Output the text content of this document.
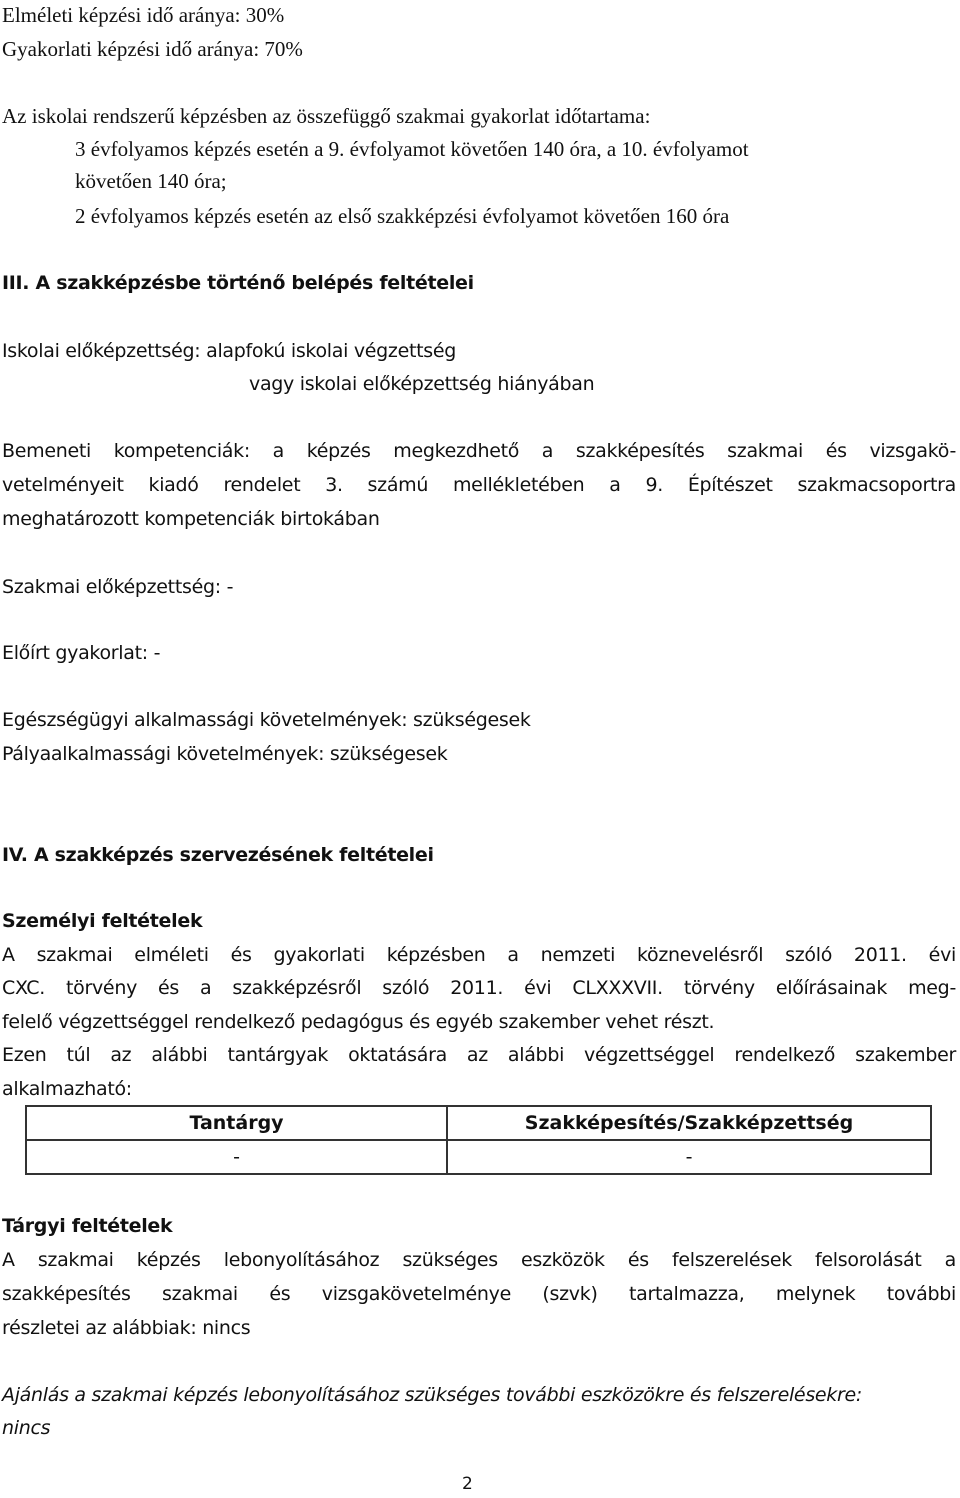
Elméleti képzési idő aránya: 30%
Gyakorlati képzési idő aránya: 70%
Az iskolai rendszerű képzésben az összefüggő szakmai gyakorlat időtartama:
3 évfolyamos képzés esetén a 9. évfolyamot követően 140 óra, a 10. évfolyamot
követően 140 óra;
2 évfolyamos képzés esetén az első szakképzési évfolyamot követően 160 óra
III. A szakképzésbe történő belépés feltételei
Iskolai előképzettség: alapfokú iskolai végzettség
vagy iskolai előképzettség hiányában
Bemeneti kompetenciák: a képzés megkezdhető a szakképesítés szakmai és vizsgakö-
vetelményeit kiadó rendelet 3. számú mellékletében a 9. Építészet szakmacsoportra
meghatározott kompetenciák birtokában
Szakmai előképzettség: -
Előírt gyakorlat: -
Egészségügyi alkalmassági követelmények: szükségesek
Pályaalkalmassági követelmények: szükségesek
IV. A szakképzés szervezésének feltételei
Személyi feltételek
A szakmai elméleti és gyakorlati képzésben a nemzeti köznevelésről szóló 2011. évi
CXC. törvény és a szakképzésről szóló 2011. évi CLXXXVII. törvény előírásainak meg-
felelő végzettséggel rendelkező pedagógus és egyéb szakember vehet részt.
Ezen túl az alábbi tantárgyak oktatására az alábbi végzettséggel rendelkező szakember
alkalmazható:
Tantárgy	Szakképesítés/Szakképzettség
-	-
Tárgyi feltételek
A szakmai képzés lebonyolításához szükséges eszközök és felszerelések felsorolását a
szakképesítés szakmai és vizsgakövetelménye (szvk) tartalmazza, melynek további
részletei az alábbiak: nincs
Ajánlás a szakmai képzés lebonyolításához szükséges további eszközökre és felszerelésekre:
nincs
2
